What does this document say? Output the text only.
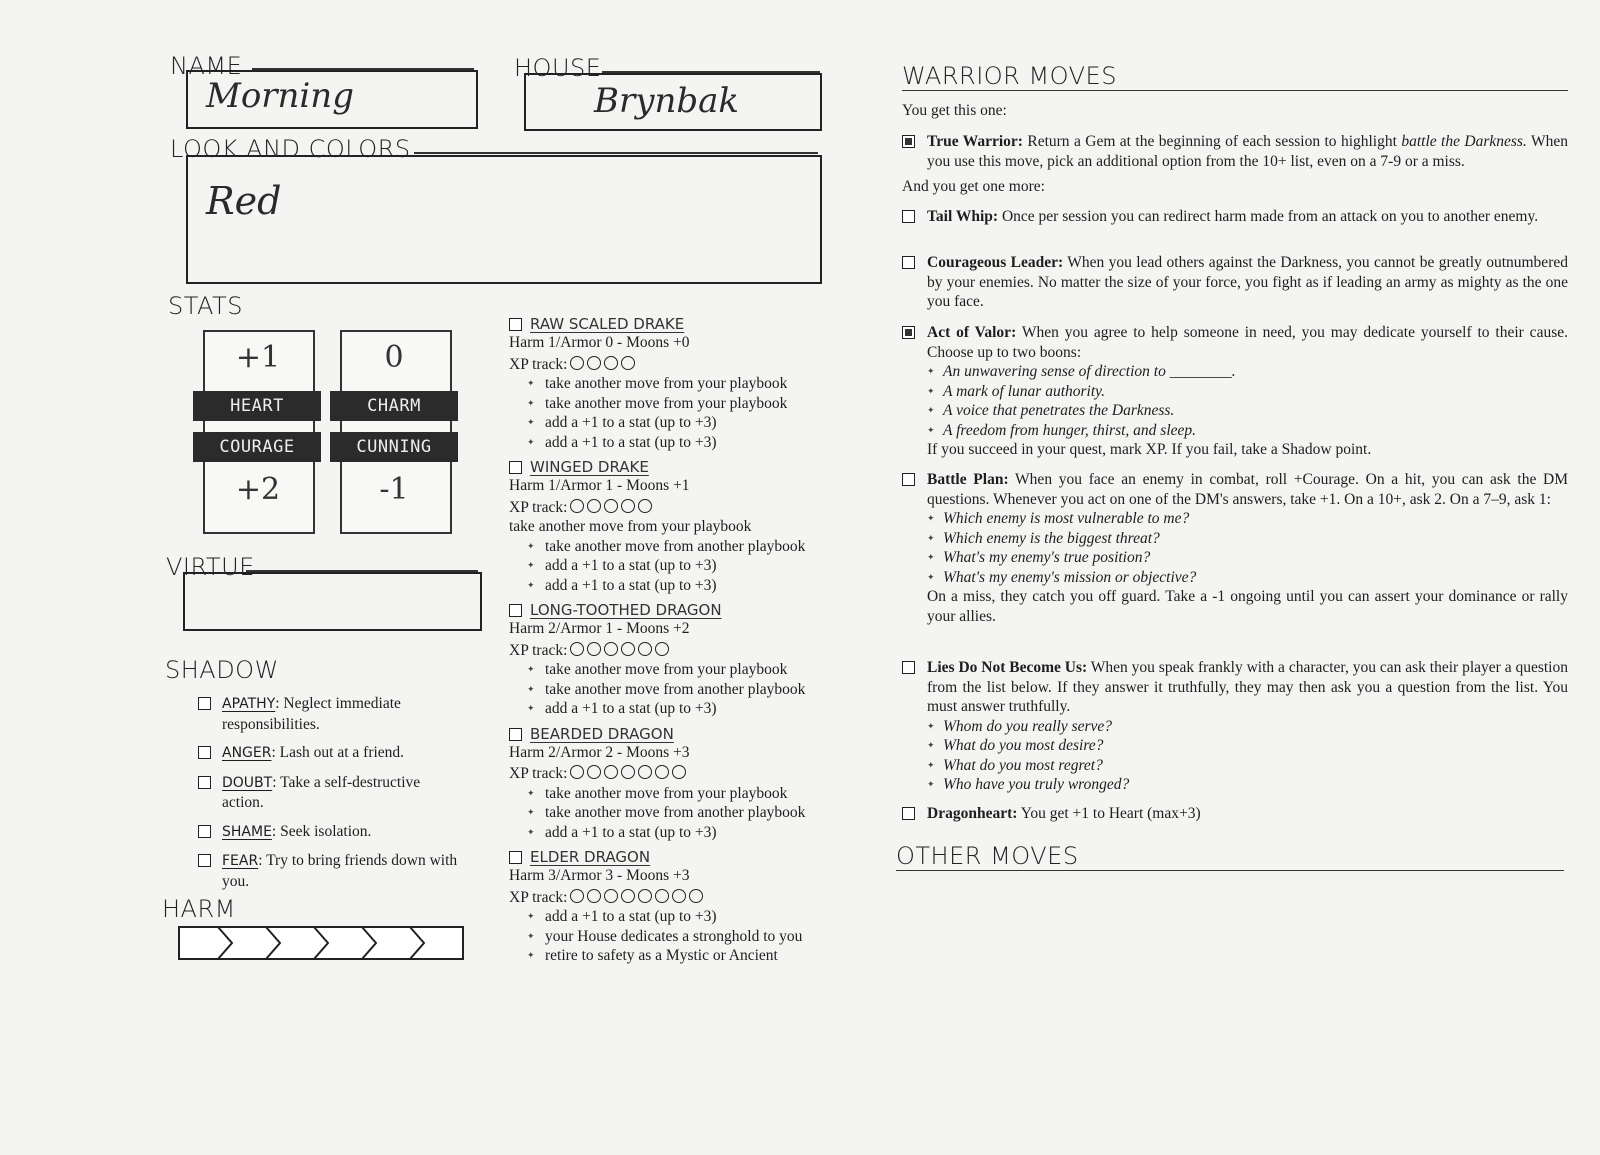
NAME
Morning
HOUSE
Brynbak
LOOK AND COLORS
Red
STATS
+1	0
HEART	CHARM
COURAGE	CUNNING
+2	-1
VIRTUE
SHADOW
APATHY: Neglect immediate responsibilities.
ANGER: Lash out at a friend.
DOUBT: Take a self-destructive action.
SHAME: Seek isolation.
FEAR: Try to bring friends down with you.
HARM
RAW SCALED DRAKE
Harm 1/Armor 0 - Moons +0
XP track:
✦ take another move from your playbook
✦ take another move from your playbook
✦ add a +1 to a stat (up to +3)
✦ add a +1 to a stat (up to +3)
WINGED DRAKE
Harm 1/Armor 1 - Moons +1
XP track:
take another move from your playbook
✦ take another move from another playbook
✦ add a +1 to a stat (up to +3)
✦ add a +1 to a stat (up to +3)
LONG-TOOTHED DRAGON
Harm 2/Armor 1 - Moons +2
XP track:
✦ take another move from your playbook
✦ take another move from another playbook
✦ add a +1 to a stat (up to +3)
BEARDED DRAGON
Harm 2/Armor 2 - Moons +3
XP track:
✦ take another move from your playbook
✦ take another move from another playbook
✦ add a +1 to a stat (up to +3)
ELDER DRAGON
Harm 3/Armor 3 - Moons +3
XP track:
✦ add a +1 to a stat (up to +3)
✦ your House dedicates a stronghold to you
✦ retire to safety as a Mystic or Ancient
WARRIOR MOVES
You get this one:

True Warrior: Return a Gem at the beginning of each session to highlight battle the Darkness. When you use this move, pick an additional option from the 10+ list, even on a 7-9 or a miss.

And you get one more:

Tail Whip: Once per session you can redirect harm made from an attack on you to another enemy.

Courageous Leader: When you lead others against the Darkness, you cannot be greatly outnumbered by your enemies. No matter the size of your force, you fight as if leading an army as mighty as the one you face.

Act of Valor: When you agree to help someone in need, you may dedicate yourself to their cause. Choose up to two boons:

✦ An unwavering sense of direction to ________.
✦ A mark of lunar authority.
✦ A voice that penetrates the Darkness.
✦ A freedom from hunger, thirst, and sleep.

If you succeed in your quest, mark XP. If you fail, take a Shadow point.

Battle Plan: When you face an enemy in combat, roll +Courage. On a hit, you can ask the DM questions. Whenever you act on one of the DM's answers, take +1. On a 10+, ask 2. On a 7–9, ask 1:

✦ Which enemy is most vulnerable to me?
✦ Which enemy is the biggest threat?
✦ What's my enemy's true position?
✦ What's my enemy's mission or objective?

On a miss, they catch you off guard. Take a -1 ongoing until you can assert your dominance or rally your allies.

Lies Do Not Become Us: When you speak frankly with a character, you can ask their player a question from the list below. If they answer it truthfully, they may then ask you a question from the list. You must answer truthfully.

✦ Whom do you really serve?
✦ What do you most desire?
✦ What do you most regret?
✦ Who have you truly wronged?

Dragonheart: You get +1 to Heart (max+3)

OTHER MOVES
